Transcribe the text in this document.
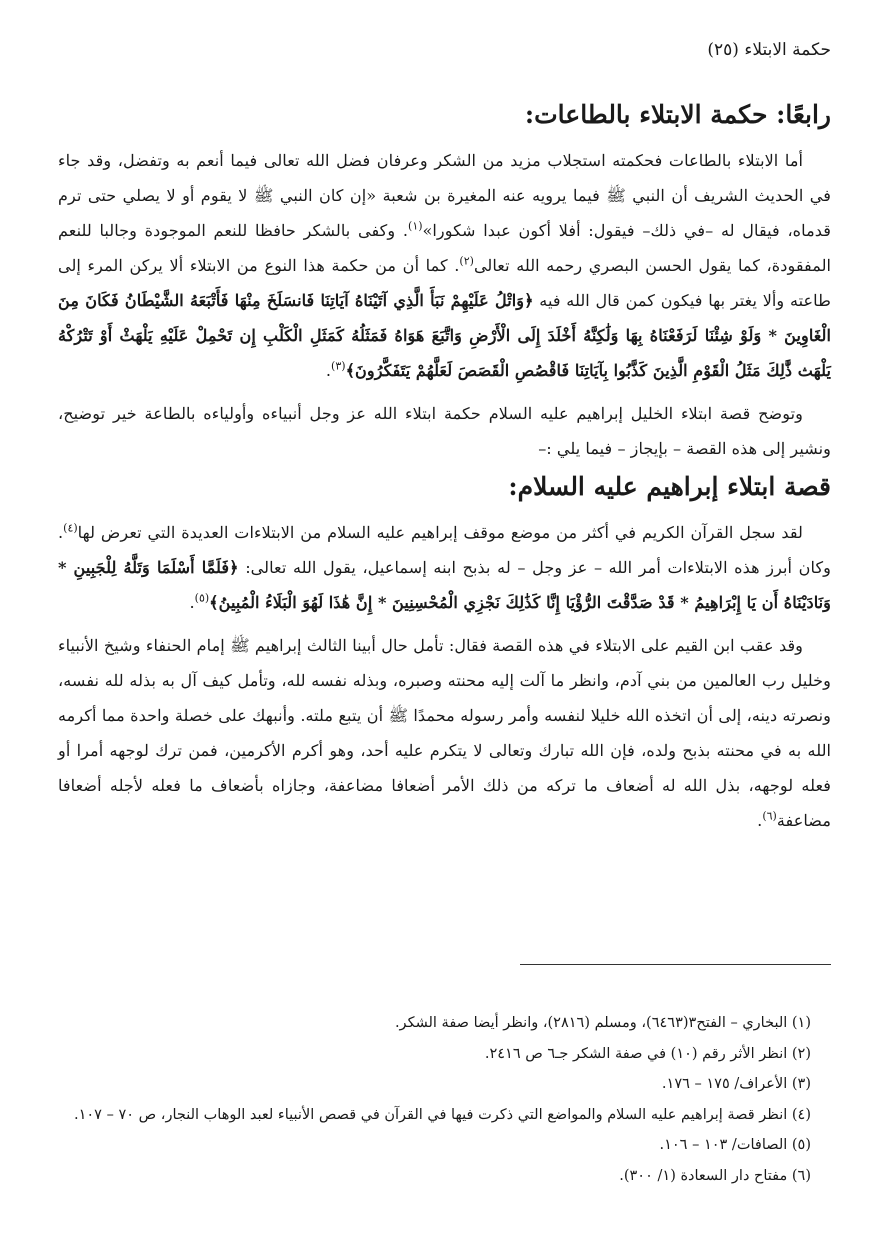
حكمة الابتلاء (٢٥)
رابعًا: حكمة الابتلاء بالطاعات:

أما الابتلاء بالطاعات فحكمته استجلاب مزيد من الشكر وعرفان فضل الله تعالى فيما أنعم به وتفضل، وقد جاء في الحديث الشريف أن النبي ﷺ فيما يرويه عنه المغيرة بن شعبة «إن كان النبي ﷺ لا يقوم أو لا يصلي حتى ترم قدماه، فيقال له –في ذلك– فيقول: أفلا أكون عبدا شكورا»$^{(١)}$. وكفى بالشكر حافظا للنعم الموجودة وجالبا للنعم المفقودة، كما يقول الحسن البصري رحمه الله تعالى$^{(٢)}$. كما أن من حكمة هذا النوع من الابتلاء ألا يركن المرء إلى طاعته وألا يغتر بها فيكون كمن قال الله فيه ﴿وَاتْلُ عَلَيْهِمْ نَبَأَ الَّذِي آتَيْنَاهُ آيَاتِنَا فَانسَلَخَ مِنْهَا فَأَتْبَعَهُ الشَّيْطَانُ فَكَانَ مِنَ الْغَاوِينَ * وَلَوْ شِئْنَا لَرَفَعْنَاهُ بِهَا وَلَٰكِنَّهُ أَخْلَدَ إِلَى الْأَرْضِ وَاتَّبَعَ هَوَاهُ فَمَثَلُهُ كَمَثَلِ الْكَلْبِ إِن تَحْمِلْ عَلَيْهِ يَلْهَثْ أَوْ تَتْرُكْهُ يَلْهَث ذَّٰلِكَ مَثَلُ الْقَوْمِ الَّذِينَ كَذَّبُوا بِآيَاتِنَا فَاقْصُصِ الْقَصَصَ لَعَلَّهُمْ يَتَفَكَّرُونَ﴾$^{(٣)}$.

وتوضح قصة ابتلاء الخليل إبراهيم عليه السلام حكمة ابتلاء الله عز وجل أنبياءه وأولياءه بالطاعة خير توضيح، ونشير إلى هذه القصة – بإيجاز – فيما يلي :–

قصة ابتلاء إبراهيم عليه السلام:

لقد سجل القرآن الكريم في أكثر من موضع موقف إبراهيم عليه السلام من الابتلاءات العديدة التي تعرض لها$^{(٤)}$. وكان أبرز هذه الابتلاءات أمر الله – عز وجل – له بذبح ابنه إسماعيل، يقول الله تعالى: ﴿فَلَمَّا أَسْلَمَا وَتَلَّهُ لِلْجَبِينِ * وَنَادَيْنَاهُ أَن يَا إِبْرَاهِيمُ * قَدْ صَدَّقْتَ الرُّؤْيَا إِنَّا كَذَٰلِكَ نَجْزِي الْمُحْسِنِينَ * إِنَّ هَٰذَا لَهُوَ الْبَلَاءُ الْمُبِينُ﴾$^{(٥)}$.

وقد عقب ابن القيم على الابتلاء في هذه القصة فقال: تأمل حال أبينا الثالث إبراهيم ﷺ إمام الحنفاء وشيخ الأنبياء وخليل رب العالمين من بني آدم، وانظر ما آلت إليه محنته وصبره، وبذله نفسه لله، وتأمل كيف آل به بذله لله نفسه، ونصرته دينه، إلى أن اتخذه الله خليلا لنفسه وأمر رسوله محمدًا ﷺ أن يتبع ملته. وأنبهك على خصلة واحدة مما أكرمه الله به في محنته بذبح ولده، فإن الله تبارك وتعالى لا يتكرم عليه أحد، وهو أكرم الأكرمين، فمن ترك لوجهه أمرا أو فعله لوجهه، بذل الله له أضعاف ما تركه من ذلك الأمر أضعافا مضاعفة، وجازاه بأضعاف ما فعله لأجله أضعافا مضاعفة$^{(٦)}$.

(١) البخاري – الفتح٣(٦٤٦٣)، ومسلم (٢٨١٦)، وانظر أيضا صفة الشكر.
(٢) انظر الأثر رقم (١٠) في صفة الشكر جـ٦ ص ٢٤١٦.
(٣) الأعراف/ ١٧٥ – ١٧٦.
(٤) انظر قصة إبراهيم عليه السلام والمواضع التي ذكرت فيها في القرآن في قصص الأنبياء لعبد الوهاب النجار، ص ٧٠ – ١٠٧.
(٥) الصافات/ ١٠٣ – ١٠٦.
(٦) مفتاح دار السعادة (١/ ٣٠٠).
